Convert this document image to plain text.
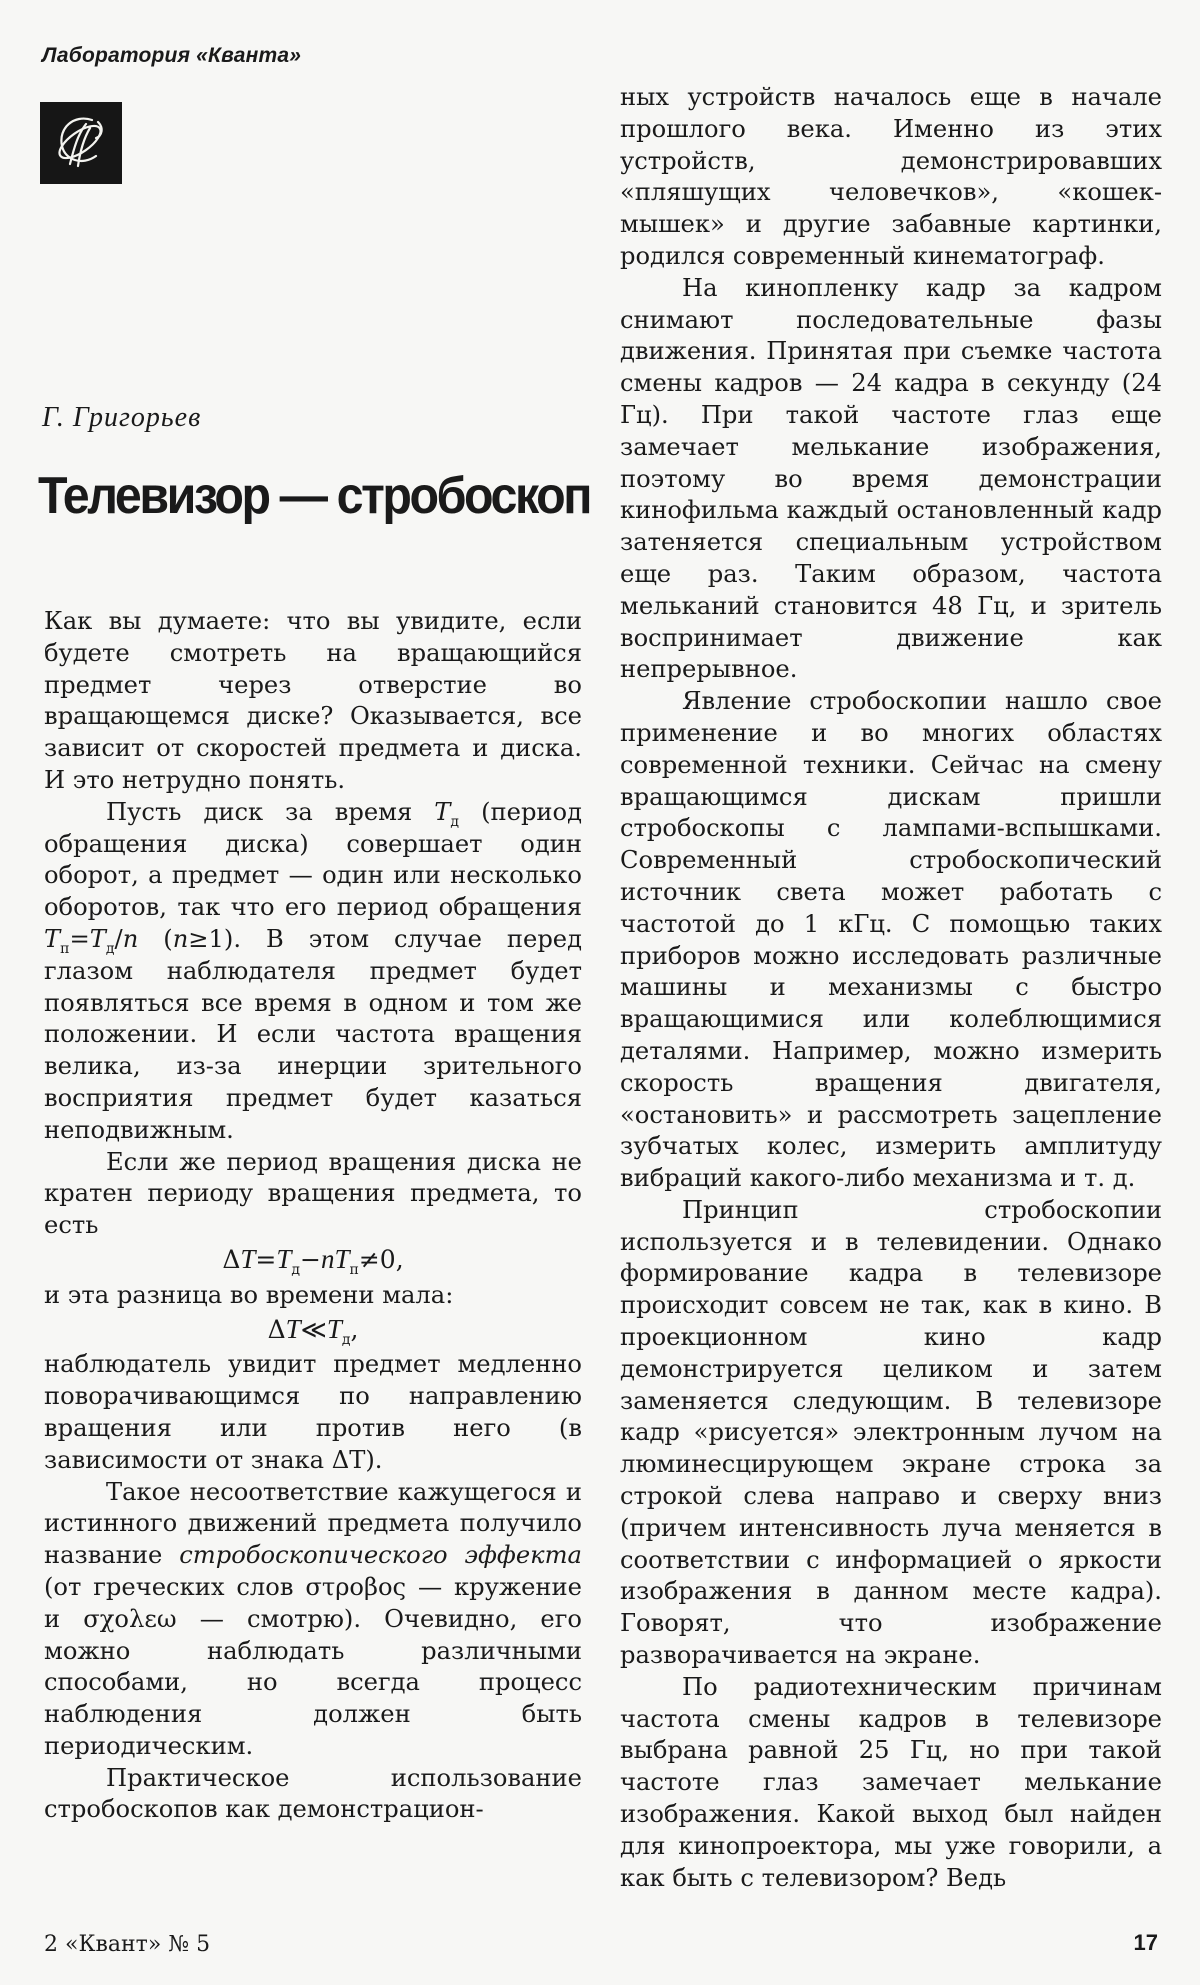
Лаборатория «Кванта»
Г. Григорьев
Телевизор — стробоскоп

Как вы думаете: что вы увидите, если будете смотреть на вращающийся предмет через отверстие во вращающемся диске? Оказывается, все зависит от скоростей предмета и диска. И это нетрудно понять.

Пусть диск за время $T_д$ (период обращения диска) совершает один оборот, а предмет — один или несколько оборотов, так что его период обращения $T_п=T_д/n$ (n≥1). В этом случае перед глазом наблюдателя предмет будет появляться все время в одном и том же положении. И если частота вращения велика, из-за инерции зрительного восприятия предмет будет казаться неподвижным.

Если же период вращения диска не кратен периоду вращения предмета, то есть

$\Delta T=T_д-nT_п\ne 0$,

и эта разница во времени мала:

$\Delta T≪T_д$,

наблюдатель увидит предмет медленно поворачивающимся по направлению вращения или против него (в зависимости от знака ΔT).

Такое несоответствие кажущегося и истинного движений предмета получило название стробоскопического эффекта (от греческих слов στροβος — кружение и σχολεω — смотрю). Очевидно, его можно наблюдать различными способами, но всегда процесс наблюдения должен быть периодическим.

Практическое использование стробоскопов как демонстрацион-

ных устройств началось еще в начале прошлого века. Именно из этих устройств, демонстрировавших «пляшущих человечков», «кошек-мышек» и другие забавные картинки, родился современный кинематограф.

На кинопленку кадр за кадром снимают последовательные фазы движения. Принятая при съемке частота смены кадров — 24 кадра в секунду (24 Гц). При такой частоте глаз еще замечает мелькание изображения, поэтому во время демонстрации кинофильма каждый остановленный кадр затеняется специальным устройством еще раз. Таким образом, частота мельканий становится 48 Гц, и зритель воспринимает движение как непрерывное.

Явление стробоскопии нашло свое применение и во многих областях современной техники. Сейчас на смену вращающимся дискам пришли стробоскопы с лампами-вспышками. Современный стробоскопический источник света может работать с частотой до 1 кГц. С помощью таких приборов можно исследовать различные машины и механизмы с быстро вращающимися или колеблющимися деталями. Например, можно измерить скорость вращения двигателя, «остановить» и рассмотреть зацепление зубчатых колес, измерить амплитуду вибраций какого-либо механизма и т. д.

Принцип стробоскопии используется и в телевидении. Однако формирование кадра в телевизоре происходит совсем не так, как в кино. В проекционном кино кадр демонстрируется целиком и затем заменяется следующим. В телевизоре кадр «рисуется» электронным лучом на люминесцирующем экране строка за строкой слева направо и сверху вниз (причем интенсивность луча меняется в соответствии с информацией о яркости изображения в данном месте кадра). Говорят, что изображение разворачивается на экране.

По радиотехническим причинам частота смены кадров в телевизоре выбрана равной 25 Гц, но при такой частоте глаз замечает мелькание изображения. Какой выход был найден для кинопроектора, мы уже говорили, а как быть с телевизором? Ведь

2 «Квант» № 5	17
